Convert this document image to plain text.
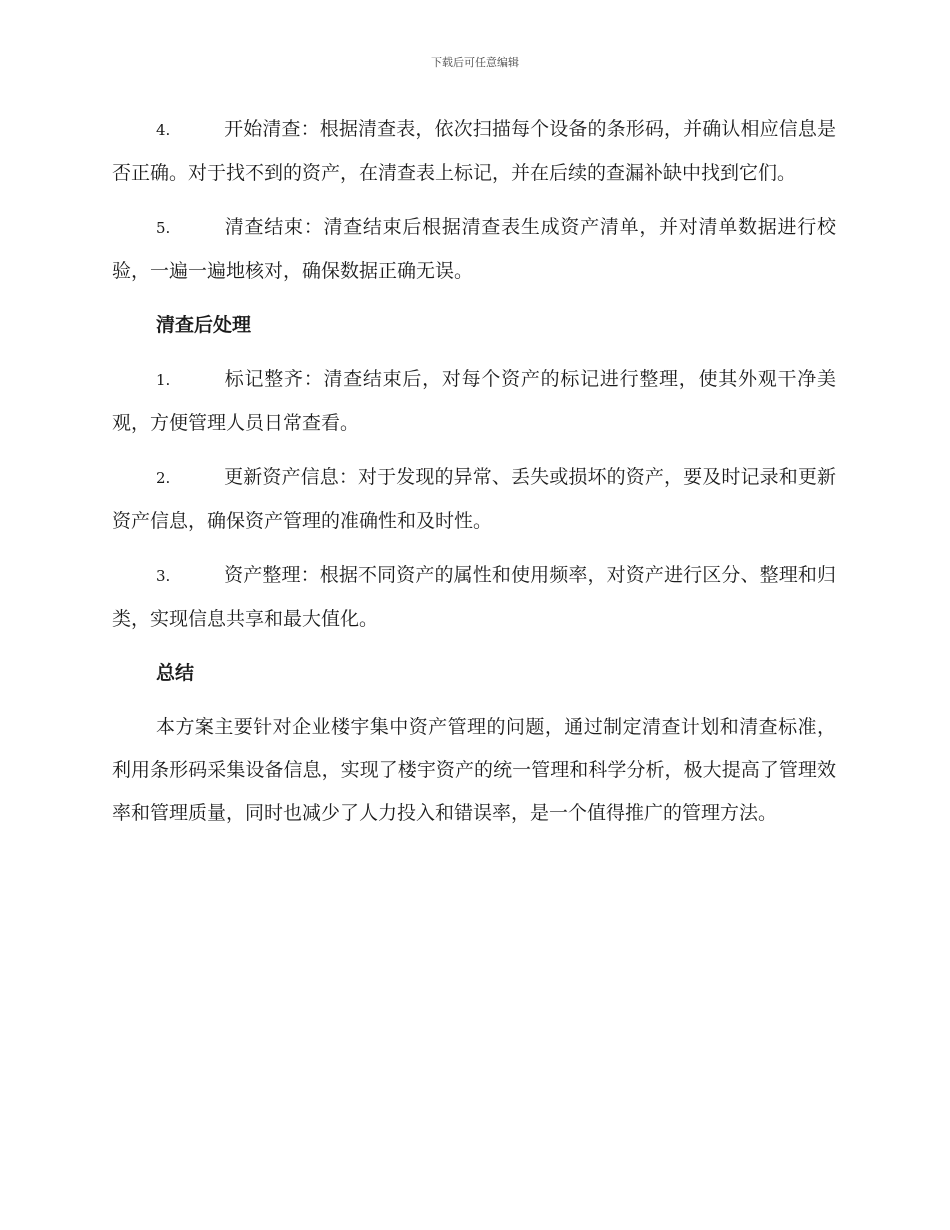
下载后可任意编辑

4.	开始清查：根据清查表，依次扫描每个设备的条形码，并确认相应信息是否正确。对于找不到的资产，在清查表上标记，并在后续的查漏补缺中找到它们。

5.	清查结束：清查结束后根据清查表生成资产清单，并对清单数据进行校验，一遍一遍地核对，确保数据正确无误。

清查后处理

1.	标记整齐：清查结束后，对每个资产的标记进行整理，使其外观干净美观，方便管理人员日常查看。

2.	更新资产信息：对于发现的异常、丢失或损坏的资产，要及时记录和更新资产信息，确保资产管理的准确性和及时性。

3.	资产整理：根据不同资产的属性和使用频率，对资产进行区分、整理和归类，实现信息共享和最大值化。

总结

本方案主要针对企业楼宇集中资产管理的问题，通过制定清查计划和清查标准，利用条形码采集设备信息，实现了楼宇资产的统一管理和科学分析，极大提高了管理效率和管理质量，同时也减少了人力投入和错误率，是一个值得推广的管理方法。
